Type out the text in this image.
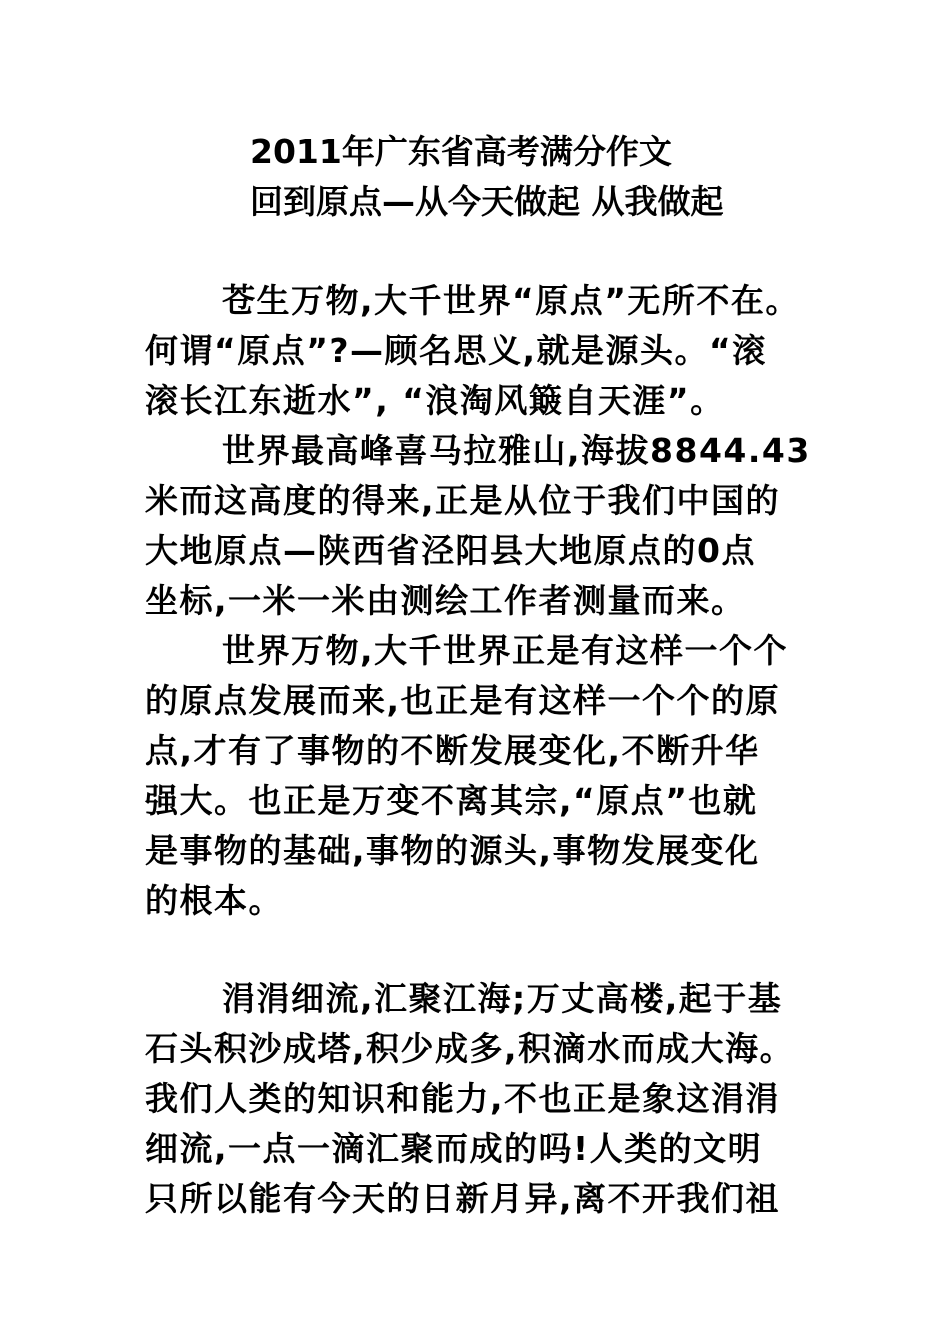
2011年广东省高考满分作文
回到原点—从今天做起 从我做起
苍生万物,大千世界“原点”无所不在。
何谓“原点”?—顾名思义,就是源头。“滚
滚长江东逝水”, “浪淘风簸自天涯”。
世界最高峰喜马拉雅山,海拔8844.43
米而这高度的得来,正是从位于我们中国的
大地原点—陕西省泾阳县大地原点的0点
坐标,一米一米由测绘工作者测量而来。
世界万物,大千世界正是有这样一个个
的原点发展而来,也正是有这样一个个的原
点,才有了事物的不断发展变化,不断升华
强大。也正是万变不离其宗,“原点”也就
是事物的基础,事物的源头,事物发展变化
的根本。
涓涓细流,汇聚江海;万丈高楼,起于基
石头积沙成塔,积少成多,积滴水而成大海。
我们人类的知识和能力,不也正是象这涓涓
细流,一点一滴汇聚而成的吗!人类的文明
只所以能有今天的日新月异,离不开我们祖
